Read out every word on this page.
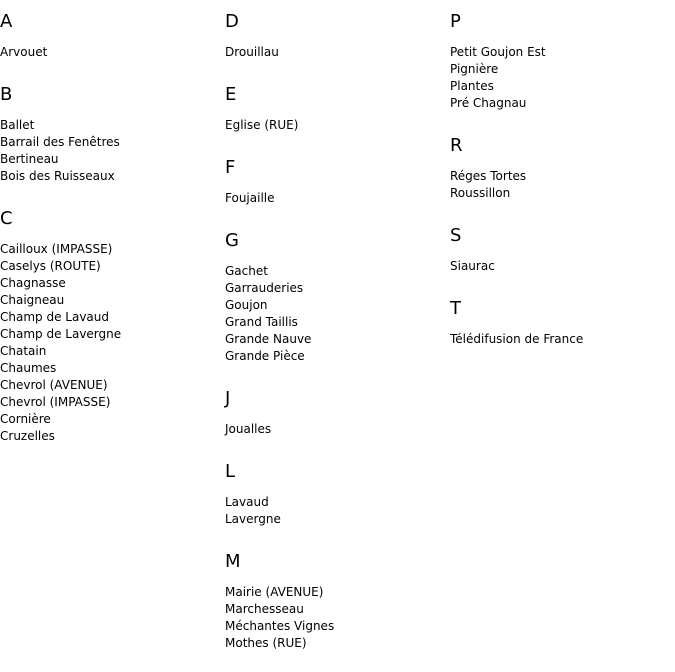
A
Arvouet
B
Ballet
Barrail des Fenêtres
Bertineau
Bois des Ruisseaux
C
Cailloux (IMPASSE)
Caselys (ROUTE)
Chagnasse
Chaigneau
Champ de Lavaud
Champ de Lavergne
Chatain
Chaumes
Chevrol (AVENUE)
Chevrol (IMPASSE)
Cornière
Cruzelles
D
Drouillau
E
Eglise (RUE)
F
Foujaille
G
Gachet
Garrauderies
Goujon
Grand Taillis
Grande Nauve
Grande Pièce
J
Joualles
L
Lavaud
Lavergne
M
Mairie (AVENUE)
Marchesseau
Méchantes Vignes
Mothes (RUE)
P
Petit Goujon Est
Pignière
Plantes
Pré Chagnau
R
Réges Tortes
Roussillon
S
Siaurac
T
Télédifusion de France
